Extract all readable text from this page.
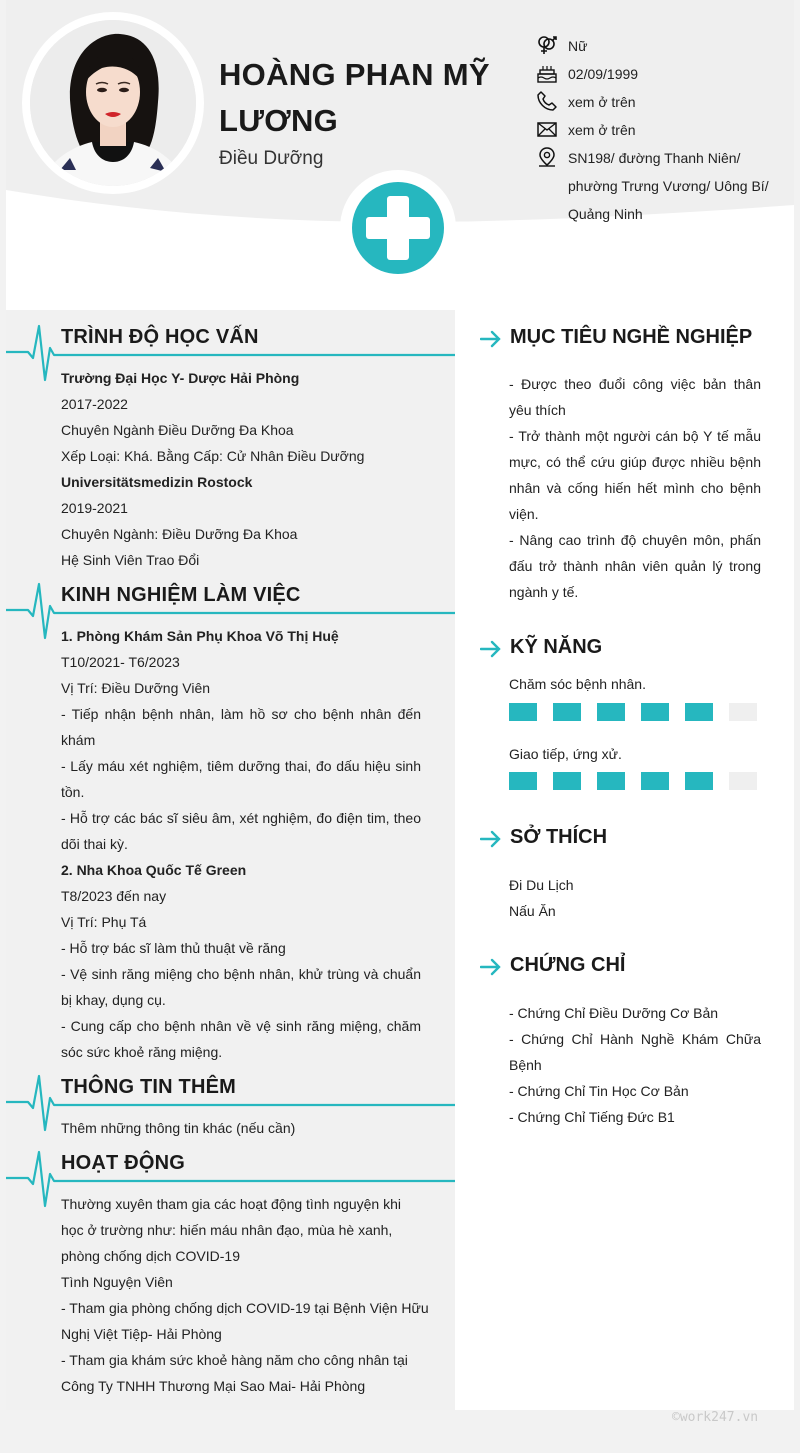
HOÀNG PHAN MỸ
LƯƠNG
Điều Dưỡng
Nữ
02/09/1999
xem ở trên
xem ở trên
SN198/ đường Thanh Niên/
phường Trưng Vương/ Uông Bí/
Quảng Ninh
TRÌNH ĐỘ HỌC VẤN
Trường Đại Học Y- Dược Hải Phòng
2017-2022
Chuyên Ngành Điều Dưỡng Đa Khoa
Xếp Loại: Khá. Bằng Cấp: Cử Nhân Điều Dưỡng
Universitätsmedizin Rostock
2019-2021
Chuyên Ngành: Điều Dưỡng Đa Khoa
Hệ Sinh Viên Trao Đổi
KINH NGHIỆM LÀM VIỆC
1. Phòng Khám Sản Phụ Khoa Võ Thị Huệ
T10/2021- T6/2023
Vị Trí: Điều Dưỡng Viên
- Tiếp nhận bệnh nhân, làm hồ sơ cho bệnh nhân đến khám
- Lấy máu xét nghiệm, tiêm dưỡng thai, đo dấu hiệu sinh tồn.
- Hỗ trợ các bác sĩ siêu âm, xét nghiệm, đo điện tim, theo dõi thai kỳ.
2. Nha Khoa Quốc Tế Green
T8/2023 đến nay
Vị Trí: Phụ Tá
- Hỗ trợ bác sĩ làm thủ thuật về răng
- Vệ sinh răng miệng cho bệnh nhân, khử trùng và chuẩn bị khay, dụng cụ.
- Cung cấp cho bệnh nhân về vệ sinh răng miệng, chăm sóc sức khoẻ răng miệng.
THÔNG TIN THÊM
Thêm những thông tin khác (nếu cần)
HOẠT ĐỘNG
Thường xuyên tham gia các hoạt động tình nguyện khi
học ở trường như: hiến máu nhân đạo, mùa hè xanh,
phòng chống dịch COVID-19
Tình Nguyện Viên
- Tham gia phòng chống dịch COVID-19 tại Bệnh Viện Hữu
Nghị Việt Tiệp- Hải Phòng
- Tham gia khám sức khoẻ hàng năm cho công nhân tại
Công Ty TNHH Thương Mại Sao Mai- Hải Phòng
MỤC TIÊU NGHỀ NGHIỆP
- Được theo đuổi công việc bản thân yêu thích
- Trở thành một người cán bộ Y tế mẫu mực, có thể cứu giúp được nhiều bệnh nhân và cống hiến hết mình cho bệnh viện.
- Nâng cao trình độ chuyên môn, phấn đấu trở thành nhân viên quản lý trong ngành y tế.
KỸ NĂNG
Chăm sóc bệnh nhân.
Giao tiếp, ứng xử.
SỞ THÍCH
Đi Du Lịch
Nấu Ăn
CHỨNG CHỈ
- Chứng Chỉ Điều Dưỡng Cơ Bản
- Chứng Chỉ Hành Nghề Khám Chữa Bệnh
- Chứng Chỉ Tin Học Cơ Bản
- Chứng Chỉ Tiếng Đức B1
©work247.vn
